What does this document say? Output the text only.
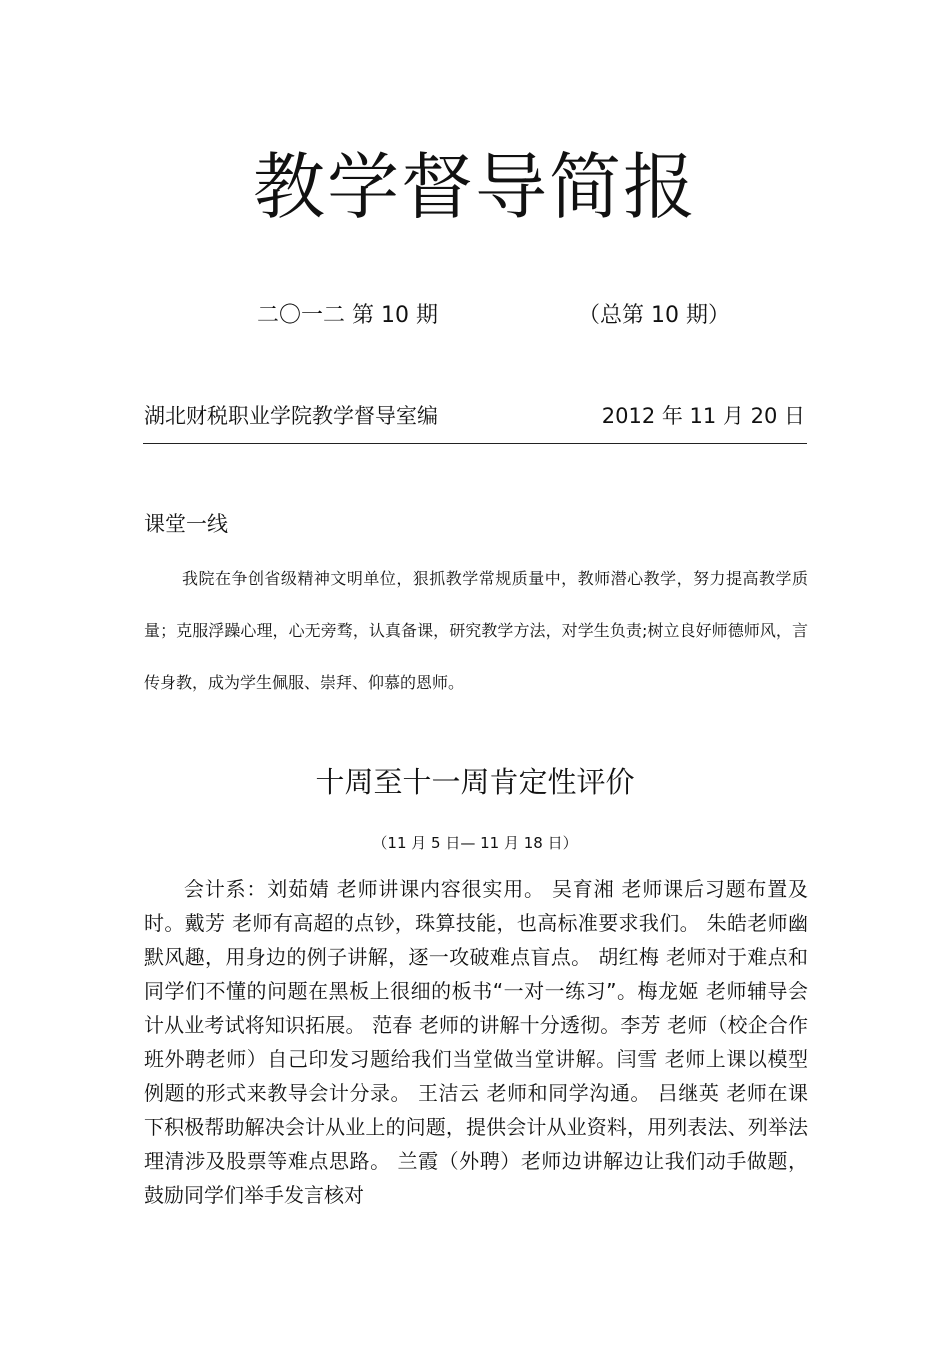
教学督导简报
二〇一二 第 10 期	（总第 10 期）
湖北财税职业学院教学督导室编	2012 年 11 月 20 日
课堂一线

我院在争创省级精神文明单位，狠抓教学常规质量中，教师潜心教学，努力提高教学质量；克服浮躁心理，心无旁骛，认真备课，研究教学方法，对学生负责;树立良好师德师风，言传身教，成为学生佩服、崇拜、仰慕的恩师。

十周至十一周肯定性评价
（11 月 5 日— 11 月 18 日）

会计系：刘茹婧 老师讲课内容很实用。 吴育湘 老师课后习题布置及时。戴芳 老师有高超的点钞，珠算技能，也高标准要求我们。 朱皓老师幽默风趣，用身边的例子讲解，逐一攻破难点盲点。 胡红梅 老师对于难点和同学们不懂的问题在黑板上很细的板书“一对一练习”。梅龙姬 老师辅导会计从业考试将知识拓展。 范春 老师的讲解十分透彻。李芳 老师（校企合作班外聘老师）自己印发习题给我们当堂做当堂讲解。闫雪 老师上课以模型例题的形式来教导会计分录。 王洁云 老师和同学沟通。 吕继英 老师在课下积极帮助解决会计从业上的问题，提供会计从业资料，用列表法、列举法理清涉及股票等难点思路。 兰霞（外聘）老师边讲解边让我们动手做题，鼓励同学们举手发言核对
